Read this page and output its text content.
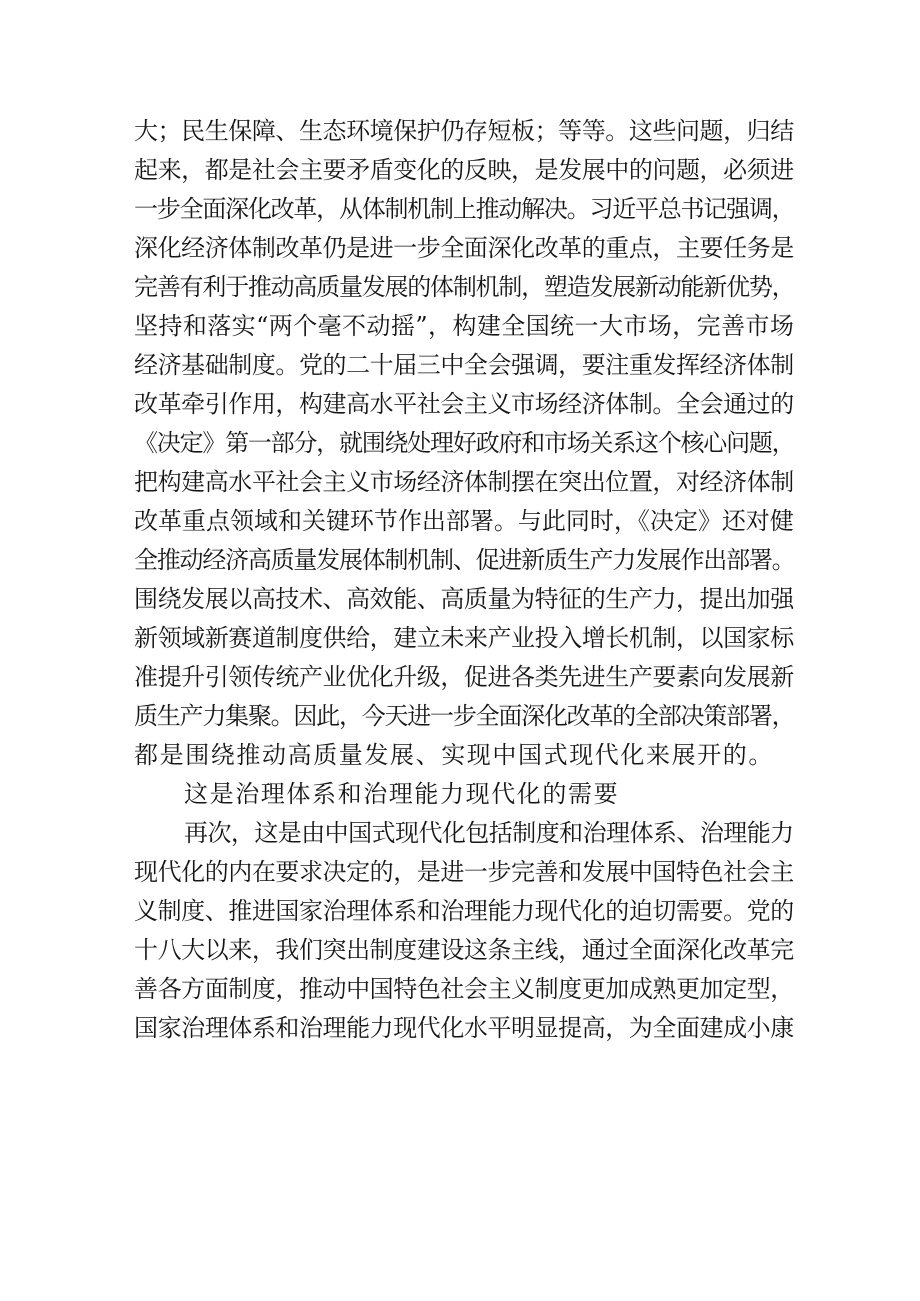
大；民生保障、生态环境保护仍存短板；等等。这些问题，归结
起来，都是社会主要矛盾变化的反映，是发展中的问题，必须进
一步全面深化改革，从体制机制上推动解决。习近平总书记强调，
深化经济体制改革仍是进一步全面深化改革的重点，主要任务是
完善有利于推动高质量发展的体制机制，塑造发展新动能新优势，
坚持和落实“两个毫不动摇”，构建全国统一大市场，完善市场
经济基础制度。党的二十届三中全会强调，要注重发挥经济体制
改革牵引作用，构建高水平社会主义市场经济体制。全会通过的
《决定》第一部分，就围绕处理好政府和市场关系这个核心问题，
把构建高水平社会主义市场经济体制摆在突出位置，对经济体制
改革重点领域和关键环节作出部署。与此同时，《决定》还对健
全推动经济高质量发展体制机制、促进新质生产力发展作出部署。
围绕发展以高技术、高效能、高质量为特征的生产力，提出加强
新领域新赛道制度供给，建立未来产业投入增长机制，以国家标
准提升引领传统产业优化升级，促进各类先进生产要素向发展新
质生产力集聚。因此，今天进一步全面深化改革的全部决策部署，
都是围绕推动高质量发展、实现中国式现代化来展开的。
这是治理体系和治理能力现代化的需要
再次，这是由中国式现代化包括制度和治理体系、治理能力
现代化的内在要求决定的，是进一步完善和发展中国特色社会主
义制度、推进国家治理体系和治理能力现代化的迫切需要。党的
十八大以来，我们突出制度建设这条主线，通过全面深化改革完
善各方面制度，推动中国特色社会主义制度更加成熟更加定型，
国家治理体系和治理能力现代化水平明显提高，为全面建成小康
